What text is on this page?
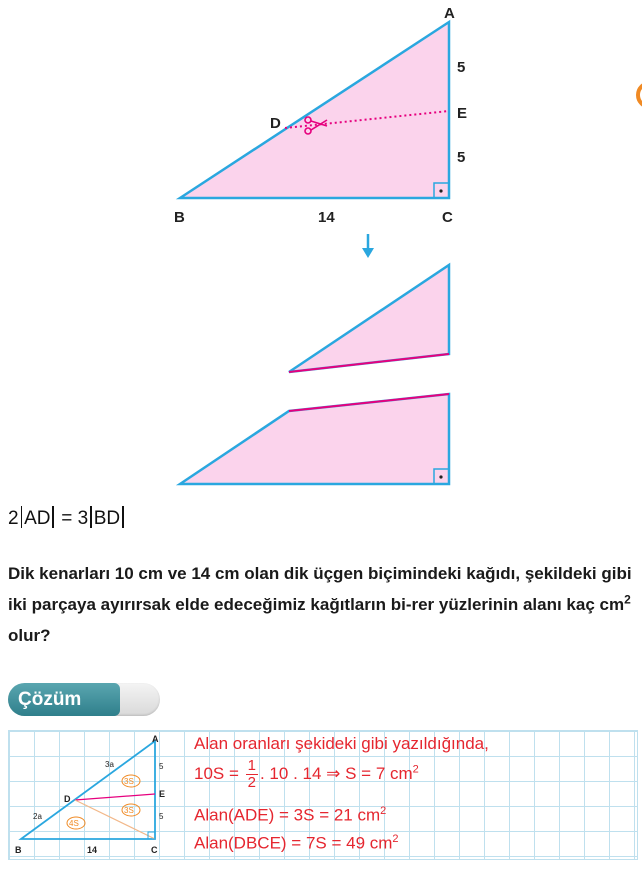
A
B	C
D
E
5
5
14
2 AD = 3 BD
Dik kenarları 10 cm ve 14 cm olan dik üçgen biçimindeki kağıdı, şekildeki gibi iki parçaya ayırırsak elde edeceğimiz kağıtların bi-rer yüzlerinin alanı kaç $cm^2$ olur?
Çözüm
A
B	C
D	E
5
5
14
3a
2a
3S
3S
4S
Alan oranları şekideki gibi yazıldığında,
$10S = \frac{1}{2}$ . 10 . 14 ⇒ S = 7 $cm^2$
Alan(ADE) = 3S = 21 $cm^2$
Alan(DBCE) = 7S = 49 $cm^2$
